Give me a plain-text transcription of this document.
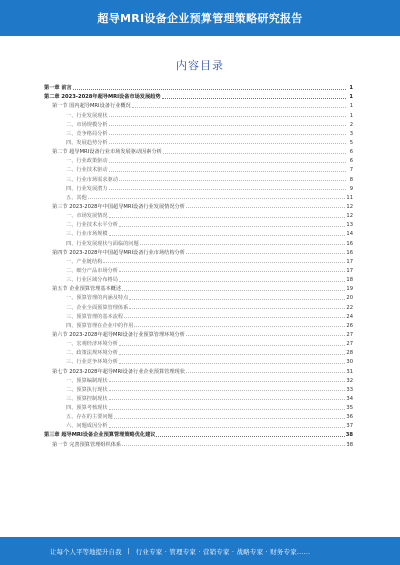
超导MRI设备企业预算管理策略研究报告
内容目录
第一章 前言	1
第二章 2023-2028年超导MRI设备市场发展趋势	1
第一节 国内超导MRI设备行业概况	1
一、行业发展现状	1
二、市场规模分析	2
三、竞争格局分析	3
四、发展趋势分析	5
第二节 超导MRI设备行业市场发展驱动因素分析	6
一、行业政策驱动	6
二、行业技术驱动	7
三、行业市场需求驱动	8
四、行业发展潜力	9
五、其他	11
第三节 2023-2028年中国超导MRI设备行业发展情况分析	12
一、市场发展情况	12
二、行业技术水平分析	13
三、行业市场规模	14
四、行业发展现状与面临的问题	16
第四节 2023-2028年中国超导MRI设备行业市场结构分析	16
一、产业链结构	17
二、细分产品市场分析	17
三、行业区域分布格局	18
第五节 企业预算管理基本概述	19
一、预算管理的内涵及特点	20
二、企业全面预算管理体系	22
三、预算管理的基本流程	24
四、预算管理在企业中的作用	26
第六节 2023-2028年超导MRI设备行业预算管理环境分析	27
一、宏观经济环境分析	27
二、政策法规环境分析	28
三、行业竞争环境分析	30
第七节 2023-2028年超导MRI设备行业企业预算管理现状	31
一、预算编制现状	32
二、预算执行现状	33
三、预算控制现状	34
四、预算考核现状	35
五、存在的主要问题	36
六、问题成因分析	37
第三章 超导MRI设备企业预算管理策略优化建议	38
第一节 完善预算管理组织体系	38
让每个人平等地提升自我 | 行业专家 · 管理专家 · 营销专家 · 战略专家 · 财务专家……
